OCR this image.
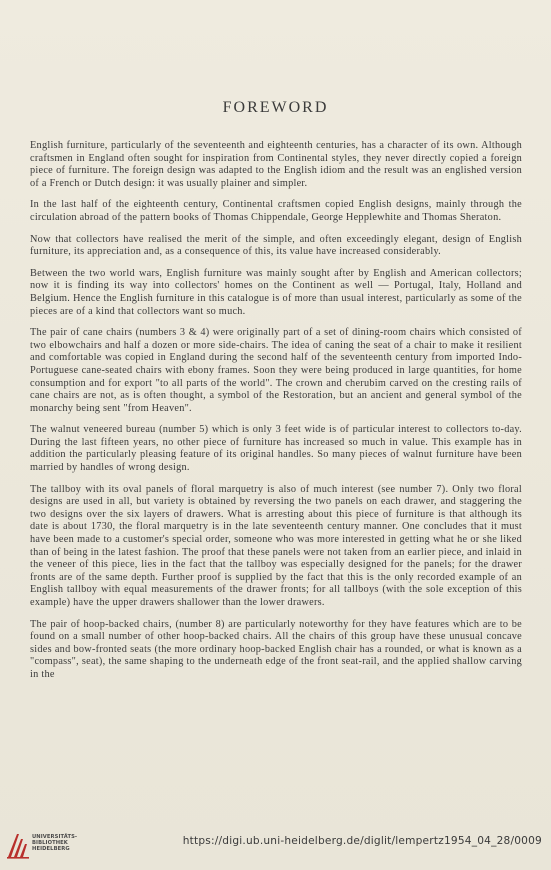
FOREWORD

English furniture, particularly of the seventeenth and eighteenth centuries, has a character of its own. Although craftsmen in England often sought for inspiration from Continental styles, they never directly copied a foreign piece of furniture. The foreign design was adapted to the English idiom and the result was an englished version of a French or Dutch design: it was usually plainer and simpler.

In the last half of the eighteenth century, Continental craftsmen copied English designs, mainly through the circulation abroad of the pattern books of Thomas Chippendale, George Hepplewhite and Thomas Sheraton.

Now that collectors have realised the merit of the simple, and often exceedingly elegant, design of English furniture, its appreciation and, as a consequence of this, its value have increased considerably.

Between the two world wars, English furniture was mainly sought after by English and American collectors; now it is finding its way into collectors' homes on the Continent as well — Portugal, Italy, Holland and Belgium. Hence the English furniture in this catalogue is of more than usual interest, particularly as some of the pieces are of a kind that collectors want so much.

The pair of cane chairs (numbers 3 & 4) were originally part of a set of dining-room chairs which consisted of two elbowchairs and half a dozen or more side-chairs. The idea of caning the seat of a chair to make it resilient and comfortable was copied in England during the second half of the seventeenth century from imported Indo-Portuguese cane-seated chairs with ebony frames. Soon they were being produced in large quantities, for home consumption and for export "to all parts of the world". The crown and cherubim carved on the cresting rails of cane chairs are not, as is often thought, a symbol of the Restoration, but an ancient and general symbol of the monarchy being sent "from Heaven".

The walnut veneered bureau (number 5) which is only 3 feet wide is of particular interest to collectors to-day. During the last fifteen years, no other piece of furniture has increased so much in value. This example has in addition the particularly pleasing feature of its original handles. So many pieces of walnut furniture have been married by handles of wrong design.

The tallboy with its oval panels of floral marquetry is also of much interest (see number 7). Only two floral designs are used in all, but variety is obtained by reversing the two panels on each drawer, and staggering the two designs over the six layers of drawers. What is arresting about this piece of furniture is that although its date is about 1730, the floral marquetry is in the late seventeenth century manner. One concludes that it must have been made to a customer's special order, someone who was more interested in getting what he or she liked than of being in the latest fashion. The proof that these panels were not taken from an earlier piece, and inlaid in the veneer of this piece, lies in the fact that the tallboy was especially designed for the panels; for the drawer fronts are of the same depth. Further proof is supplied by the fact that this is the only recorded example of an English tallboy with equal measurements of the drawer fronts; for all tallboys (with the sole exception of this example) have the upper drawers shallower than the lower drawers.

The pair of hoop-backed chairs, (number 8) are particularly noteworthy for they have features which are to be found on a small number of other hoop-backed chairs. All the chairs of this group have these unusual concave sides and bow-fronted seats (the more ordinary hoop-backed English chair has a rounded, or what is known as a "compass", seat), the same shaping to the underneath edge of the front seat-rail, and the applied shallow carving in the

UNIVERSITÄTS-
BIBLIOTHEK
HEIDELBERG
https://digi.ub.uni-heidelberg.de/diglit/lempertz1954_04_28/0009
